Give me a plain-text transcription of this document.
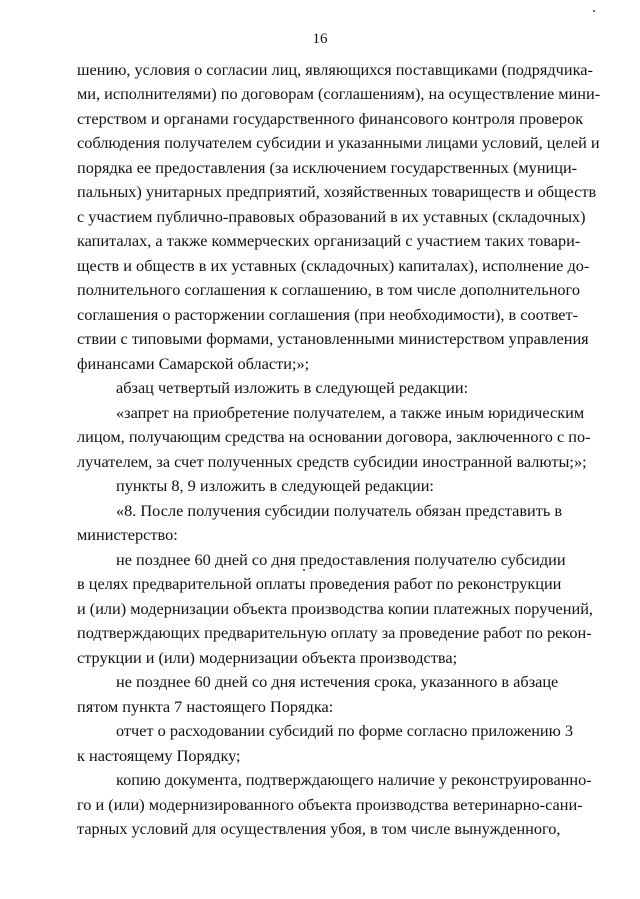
16
шению, условия о согласии лиц, являющихся поставщиками (подрядчика-
ми, исполнителями) по договорам (соглашениям), на осуществление мини-
стерством и органами государственного финансового контроля проверок
соблюдения получателем субсидии и указанными лицами условий, целей и
порядка ее предоставления (за исключением государственных (муници-
пальных) унитарных предприятий, хозяйственных товариществ и обществ
с участием публично-правовых образований в их уставных (складочных)
капиталах, а также коммерческих организаций с участием таких товари-
ществ и обществ в их уставных (складочных) капиталах), исполнение до-
полнительного соглашения к соглашению, в том числе дополнительного
соглашения о расторжении соглашения (при необходимости), в соответ-
ствии с типовыми формами, установленными министерством управления
финансами Самарской области;»;
абзац четвертый изложить в следующей редакции:
«запрет на приобретение получателем, а также иным юридическим
лицом, получающим средства на основании договора, заключенного с по-
лучателем, за счет полученных средств субсидии иностранной валюты;»;
пункты 8, 9 изложить в следующей редакции:
«8. После получения субсидии получатель обязан представить в
министерство:
не позднее 60 дней со дня предоставления получателю субсидии
в целях предварительной оплаты проведения работ по реконструкции
и (или) модернизации объекта производства копии платежных поручений,
подтверждающих предварительную оплату за проведение работ по рекон-
струкции и (или) модернизации объекта производства;
не позднее 60 дней со дня истечения срока, указанного в абзаце
пятом пункта 7 настоящего Порядка:
отчет о расходовании субсидий по форме согласно приложению 3
к настоящему Порядку;
копию документа, подтверждающего наличие у реконструированно-
го и (или) модернизированного объекта производства ветеринарно-сани-
тарных условий для осуществления убоя, в том числе вынужденного,
